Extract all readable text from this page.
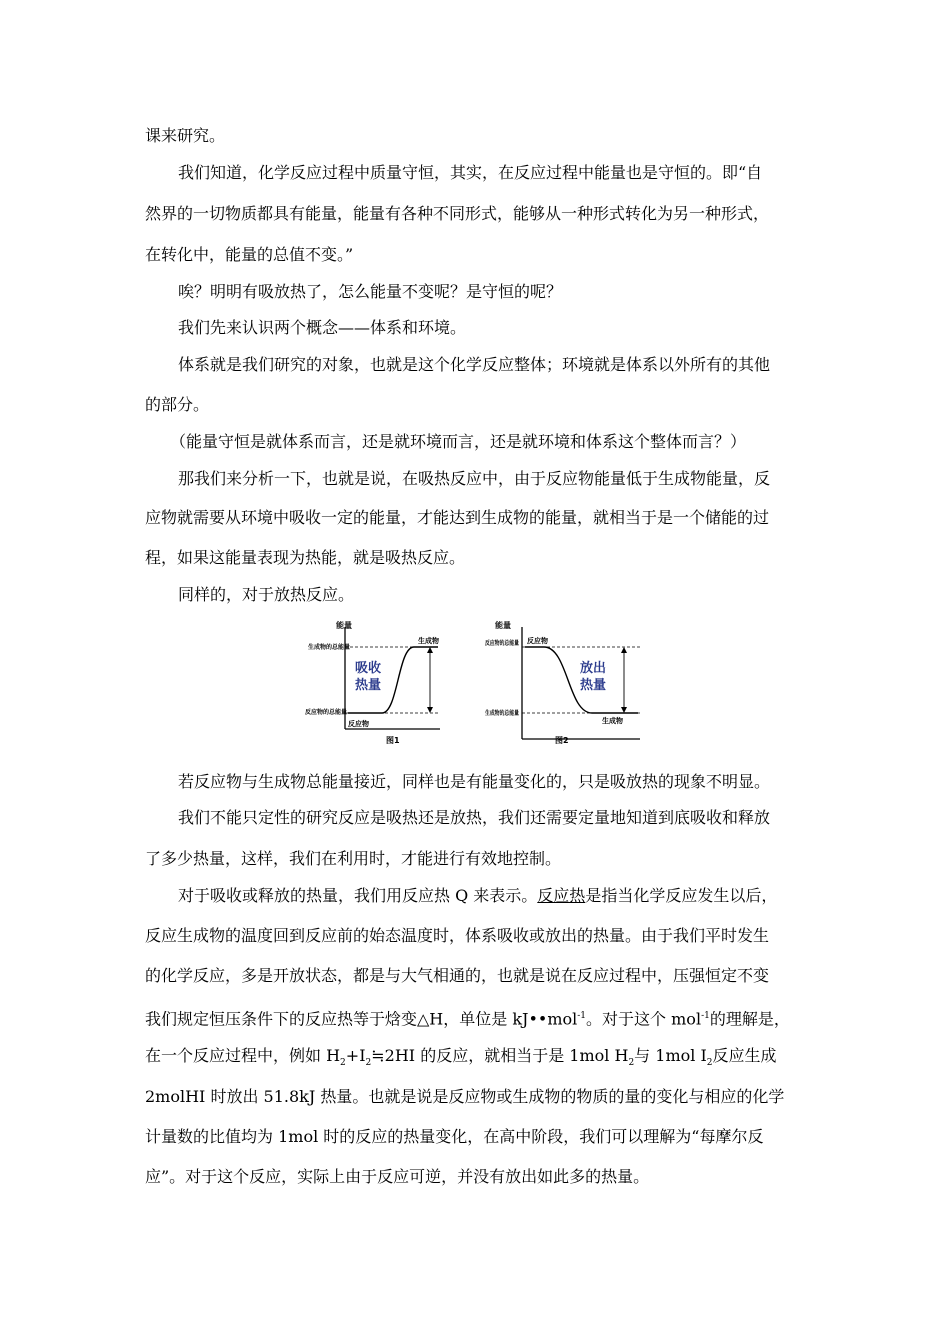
课来研究。
我们知道，化学反应过程中质量守恒，其实，在反应过程中能量也是守恒的。即“自
然界的一切物质都具有能量，能量有各种不同形式，能够从一种形式转化为另一种形式，
在转化中，能量的总值不变。”
唉？明明有吸放热了，怎么能量不变呢？是守恒的呢？
我们先来认识两个概念——体系和环境。
体系就是我们研究的对象，也就是这个化学反应整体；环境就是体系以外所有的其他
的部分。
（能量守恒是就体系而言，还是就环境而言，还是就环境和体系这个整体而言？）
那我们来分析一下，也就是说，在吸热反应中，由于反应物能量低于生成物能量，反
应物就需要从环境中吸收一定的能量，才能达到生成物的能量，就相当于是一个储能的过
程，如果这能量表现为热能，就是吸热反应。
同样的，对于放热反应。
能量
生成物的总能量
反应物的总能量
生成物
反应物
吸收
热量
图1
能量
反应物的总能量
生成物的总能量
反应物
生成物
放出
热量
图2
若反应物与生成物总能量接近，同样也是有能量变化的，只是吸放热的现象不明显。
我们不能只定性的研究反应是吸热还是放热，我们还需要定量地知道到底吸收和释放
了多少热量，这样，我们在利用时，才能进行有效地控制。
对于吸收或释放的热量，我们用反应热 Q 来表示。反应热是指当化学反应发生以后，
反应生成物的温度回到反应前的始态温度时，体系吸收或放出的热量。由于我们平时发生
的化学反应，多是开放状态，都是与大气相通的，也就是说在反应过程中，压强恒定不变
我们规定恒压条件下的反应热等于焓变△H，单位是 kJ••mol$^{-1}$。对于这个 mol$^{-1}$的理解是，
在一个反应过程中，例如 $H_2+I_2≒2HI$ 的反应，就相当于是 1mol $H_2$与 1mol $I_2$反应生成
2molHI 时放出 51.8kJ 热量。也就是说是反应物或生成物的物质的量的变化与相应的化学
计量数的比值均为 1mol 时的反应的热量变化，在高中阶段，我们可以理解为“每摩尔反
应”。对于这个反应，实际上由于反应可逆，并没有放出如此多的热量。
